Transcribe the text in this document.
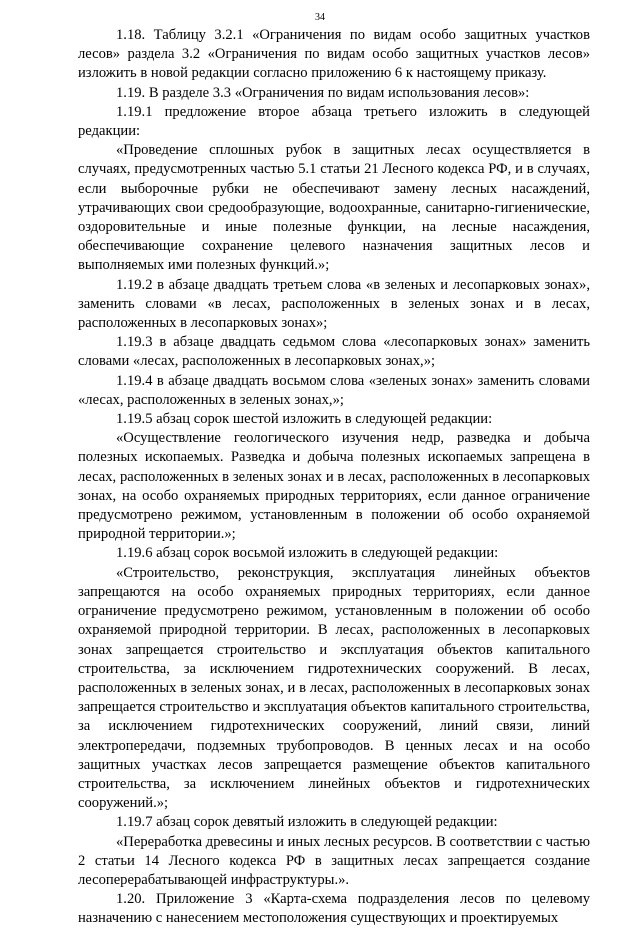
34

1.18. Таблицу 3.2.1 «Ограничения по видам особо защитных участков лесов» раздела 3.2 «Ограничения по видам особо защитных участков лесов» изложить в новой редакции согласно приложению 6 к настоящему приказу.

1.19. В разделе 3.3 «Ограничения по видам использования лесов»:

1.19.1 предложение второе абзаца третьего изложить в следующей редакции:

«Проведение сплошных рубок в защитных лесах осуществляется в случаях, предусмотренных частью 5.1 статьи 21 Лесного кодекса РФ, и в случаях, если выборочные рубки не обеспечивают замену лесных насаждений, утрачивающих свои средообразующие, водоохранные, санитарно-гигиенические, оздоровительные и иные полезные функции, на лесные насаждения, обеспечивающие сохранение целевого назначения защитных лесов и выполняемых ими полезных функций.»;

1.19.2 в абзаце двадцать третьем слова «в зеленых и лесопарковых зонах», заменить словами «в лесах, расположенных в зеленых зонах и в лесах, расположенных в лесопарковых зонах»;

1.19.3 в абзаце двадцать седьмом слова «лесопарковых зонах» заменить словами «лесах, расположенных в лесопарковых зонах,»;

1.19.4 в абзаце двадцать восьмом слова «зеленых зонах» заменить словами «лесах, расположенных в зеленых зонах,»;

1.19.5 абзац сорок шестой изложить в следующей редакции:

«Осуществление геологического изучения недр, разведка и добыча полезных ископаемых. Разведка и добыча полезных ископаемых запрещена в лесах, расположенных в зеленых зонах и в лесах, расположенных в лесопарковых зонах, на особо охраняемых природных территориях, если данное ограничение предусмотрено режимом, установленным в положении об особо охраняемой природной территории.»;

1.19.6 абзац сорок восьмой изложить в следующей редакции:

«Строительство, реконструкция, эксплуатация линейных объектов запрещаются на особо охраняемых природных территориях, если данное ограничение предусмотрено режимом, установленным в положении об особо охраняемой природной территории. В лесах, расположенных в лесопарковых зонах запрещается строительство и эксплуатация объектов капитального строительства, за исключением гидротехнических сооружений. В лесах, расположенных в зеленых зонах, и в лесах, расположенных в лесопарковых зонах запрещается строительство и эксплуатация объектов капитального строительства, за исключением гидротехнических сооружений, линий связи, линий электропередачи, подземных трубопроводов. В ценных лесах и на особо защитных участках лесов запрещается размещение объектов капитального строительства, за исключением линейных объектов и гидротехнических сооружений.»;

1.19.7 абзац сорок девятый изложить в следующей редакции:

«Переработка древесины и иных лесных ресурсов. В соответствии с частью 2 статьи 14 Лесного кодекса РФ в защитных лесах запрещается создание лесоперерабатывающей инфраструктуры.».

1.20. Приложение 3 «Карта-схема подразделения лесов по целевому назначению с нанесением местоположения существующих и проектируемых
